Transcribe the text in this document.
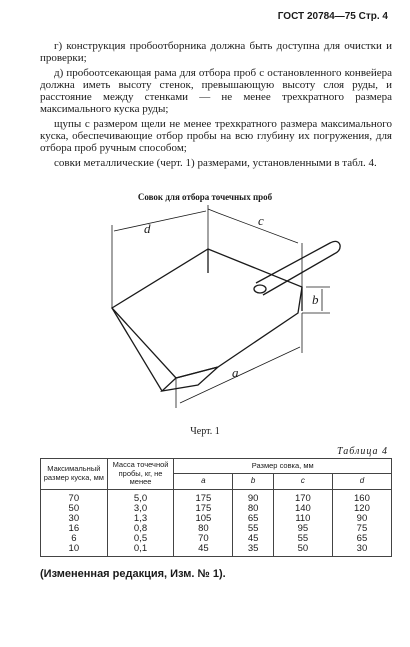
ГОСТ 20784—75 Стр. 4

г) конструкция пробоотборника должна быть доступна для очистки и проверки;

д) пробоотсекающая рама для отбора проб с остановленного конвейера должна иметь высоту стенок, превышающую высоту слоя руды, и расстояние между стенками — не менее трехкратного размера максимального куска руды;

щупы с размером щели не менее трехкратного размера максимального куска, обеспечивающие отбор пробы на всю глубину их погружения, для отбора проб ручным способом;

совки металлические (черт. 1) размерами, установленными в табл. 4.

Совок для отбора точечных проб
d
c
b
a
Черт. 1
Таблица 4
Максимальный размер куска, мм	Масса точечной пробы, кг, не менее	Размер совка, мм			
		a	b	c	d
70	5,0	175	90	170	160
50	3,0	175	80	140	120
30	1,3	105	65	110	90
16	0,8	80	55	95	75
6	0,5	70	45	55	65
10	0,1	45	35	50	30
(Измененная редакция, Изм. № 1).
